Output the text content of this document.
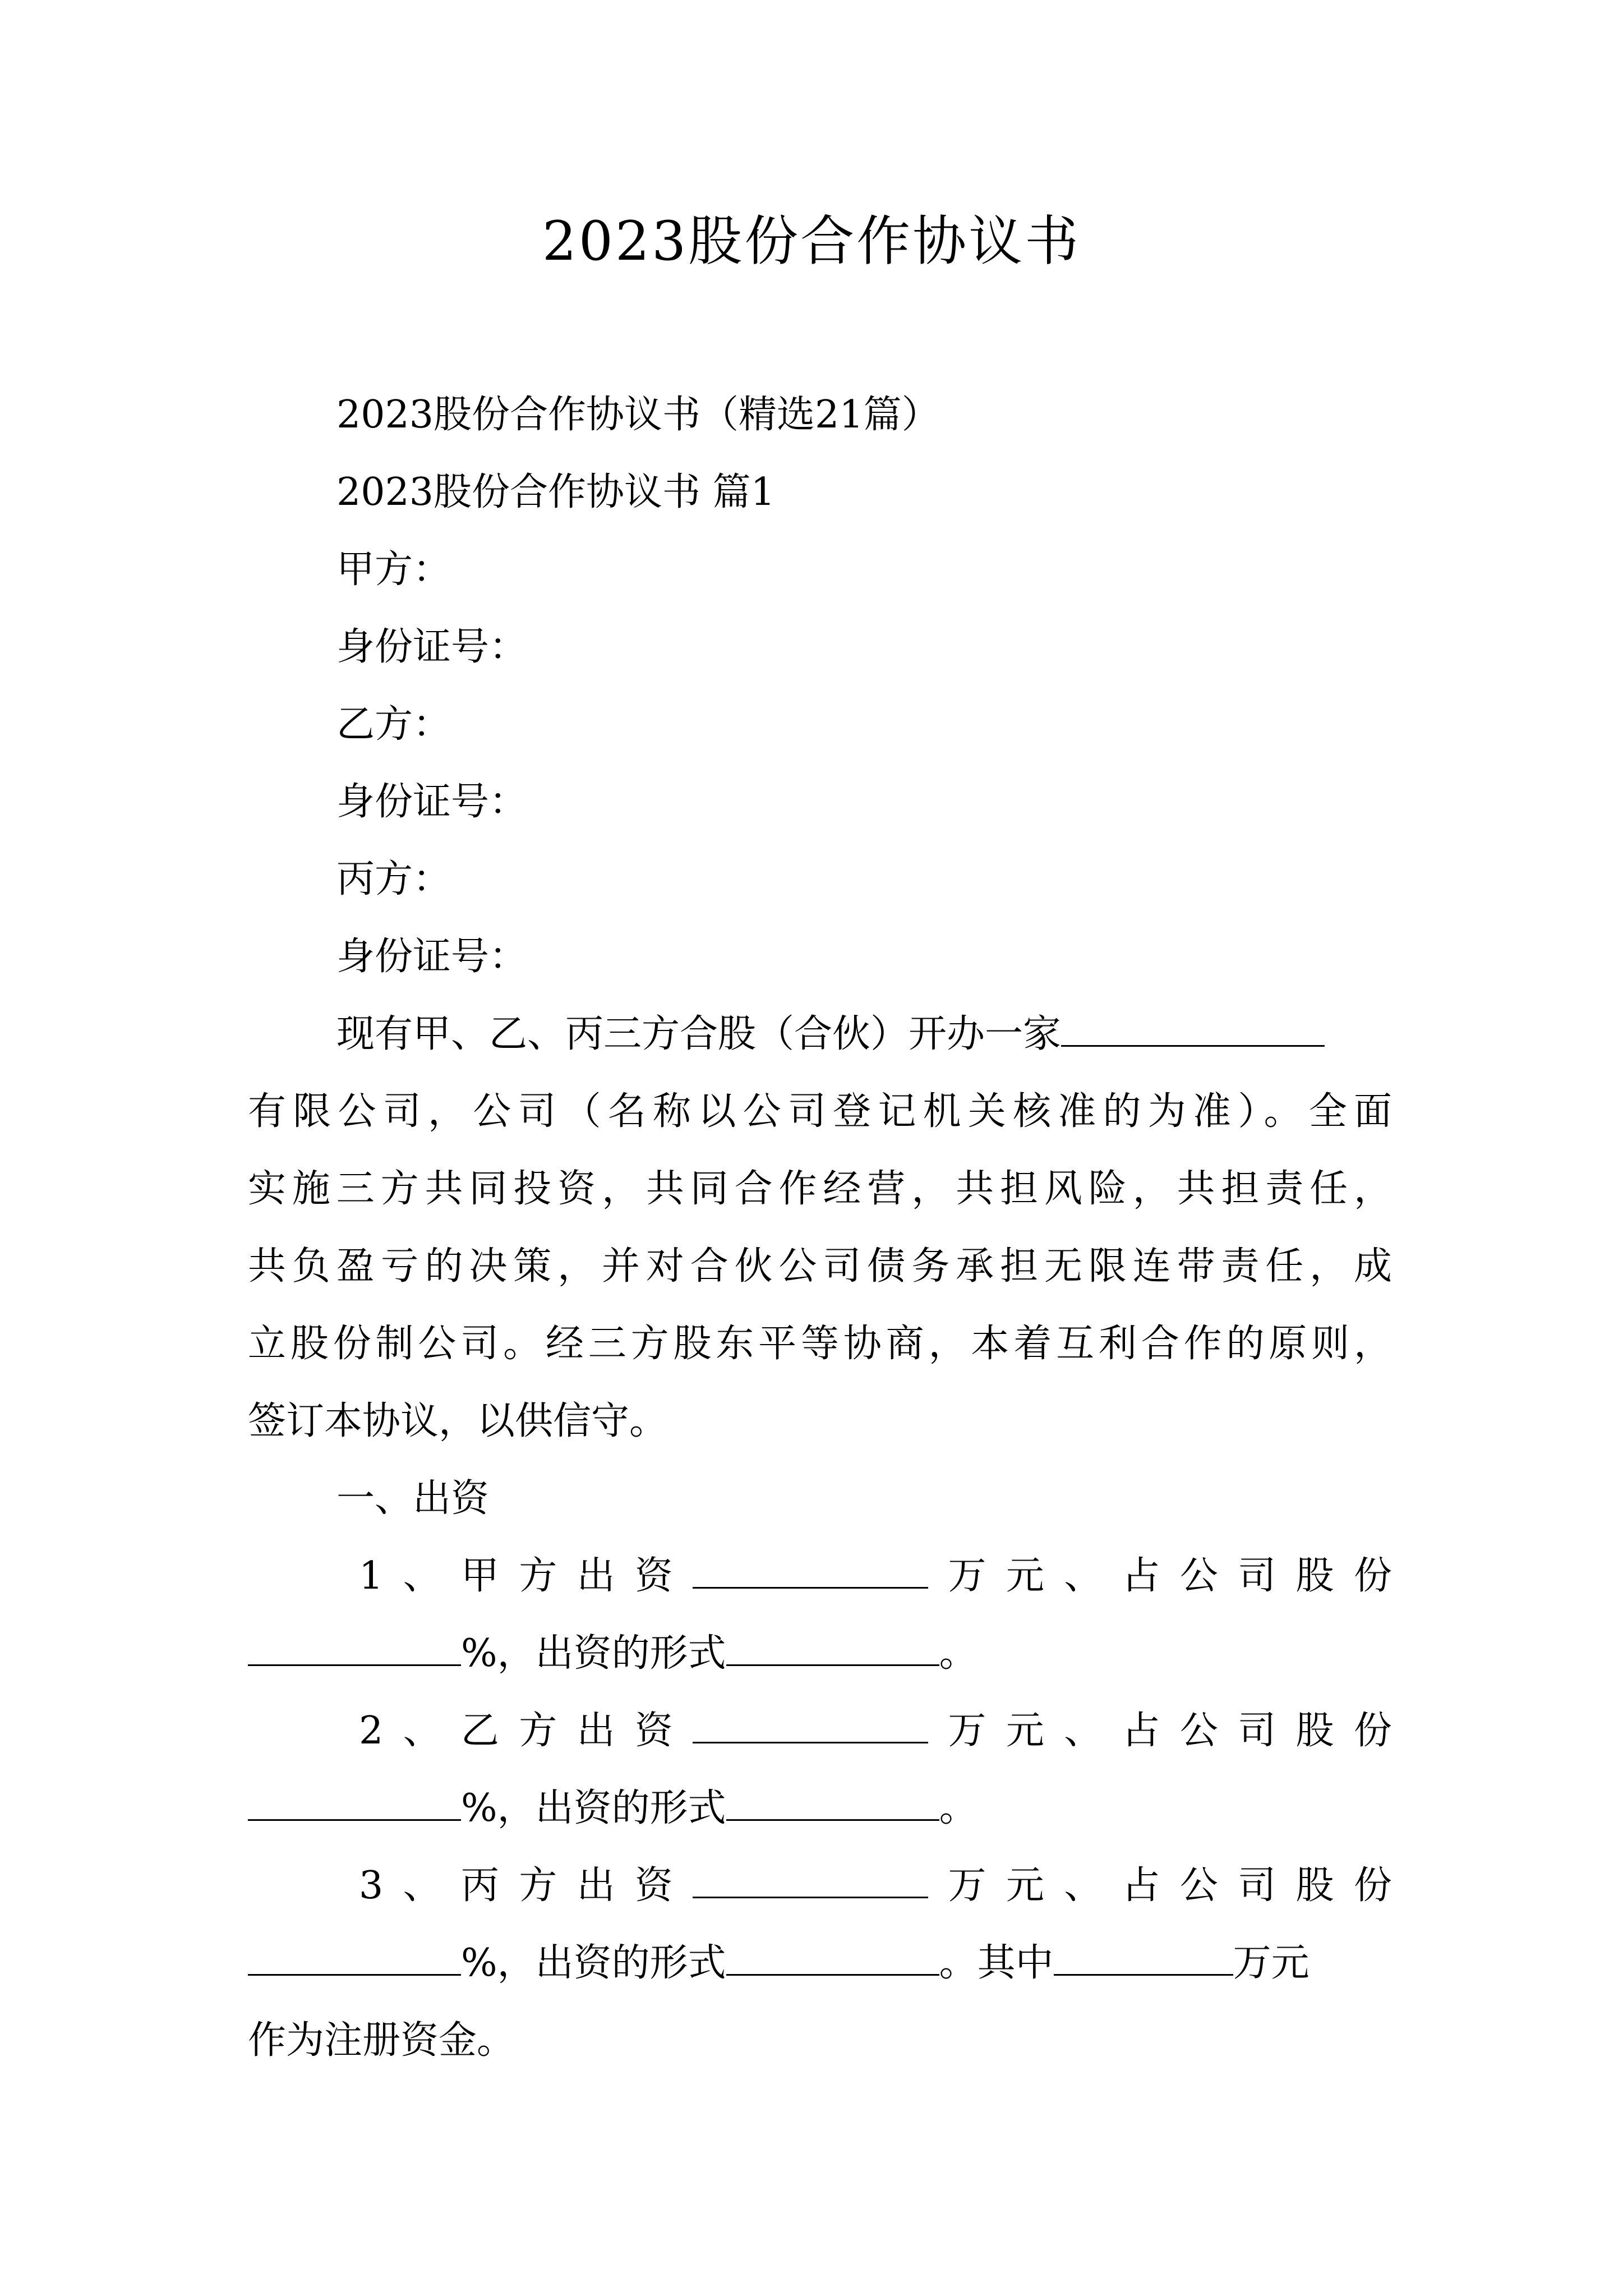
2023股份合作协议书
2023股份合作协议书（精选21篇）
2023股份合作协议书 篇1
甲方：
身份证号：
乙方：
身份证号：
丙方：
身份证号：
现有甲、乙、丙三方合股（合伙）开办一家
有限公司，公司（名称以公司登记机关核准的为准）。全面
实施三方共同投资，共同合作经营，共担风险，共担责任，
共负盈亏的决策，并对合伙公司债务承担无限连带责任，成
立股份制公司。经三方股东平等协商，本着互利合作的原则，
签订本协议，以供信守。
一、出资
1 、 甲 方 出 资	万 元 、 占 公 司 股 份
%，出资的形式	。
2 、 乙 方 出 资	万 元 、 占 公 司 股 份
%，出资的形式	。
3 、 丙 方 出 资	万 元 、 占 公 司 股 份
%，出资的形式	。其中	万元
作为注册资金。
